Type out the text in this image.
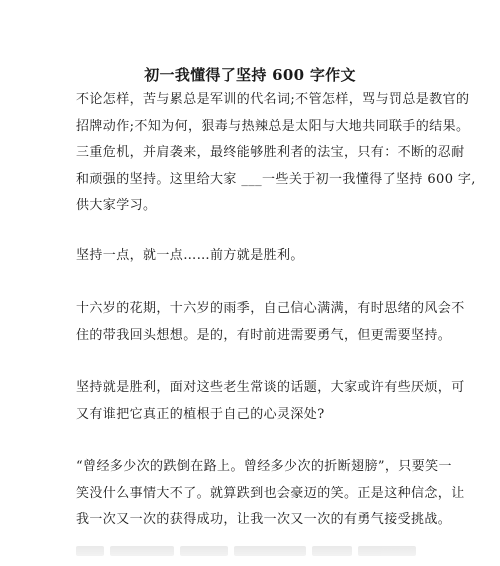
初一我懂得了坚持 600 字作文

不论怎样，苦与累总是军训的代名词;不管怎样，骂与罚总是教官的
招牌动作;不知为何，狠毒与热辣总是太阳与大地共同联手的结果。
三重危机，并肩袭来，最终能够胜利者的法宝，只有：不断的忍耐
和顽强的坚持。这里给大家 ___一些关于初一我懂得了坚持 600 字,
供大家学习。

坚持一点，就一点……前方就是胜利。

十六岁的花期，十六岁的雨季，自己信心满满，有时思绪的风会不
住的带我回头想想。是的，有时前进需要勇气，但更需要坚持。

坚持就是胜利，面对这些老生常谈的话题，大家或许有些厌烦，可
又有谁把它真正的植根于自己的心灵深处?

“曾经多少次的跌倒在路上。曾经多少次的折断翅膀”，只要笑一
笑没什么事情大不了。就算跌到也会豪迈的笑。正是这种信念，让
我一次又一次的获得成功，让我一次又一次的有勇气接受挑战。
